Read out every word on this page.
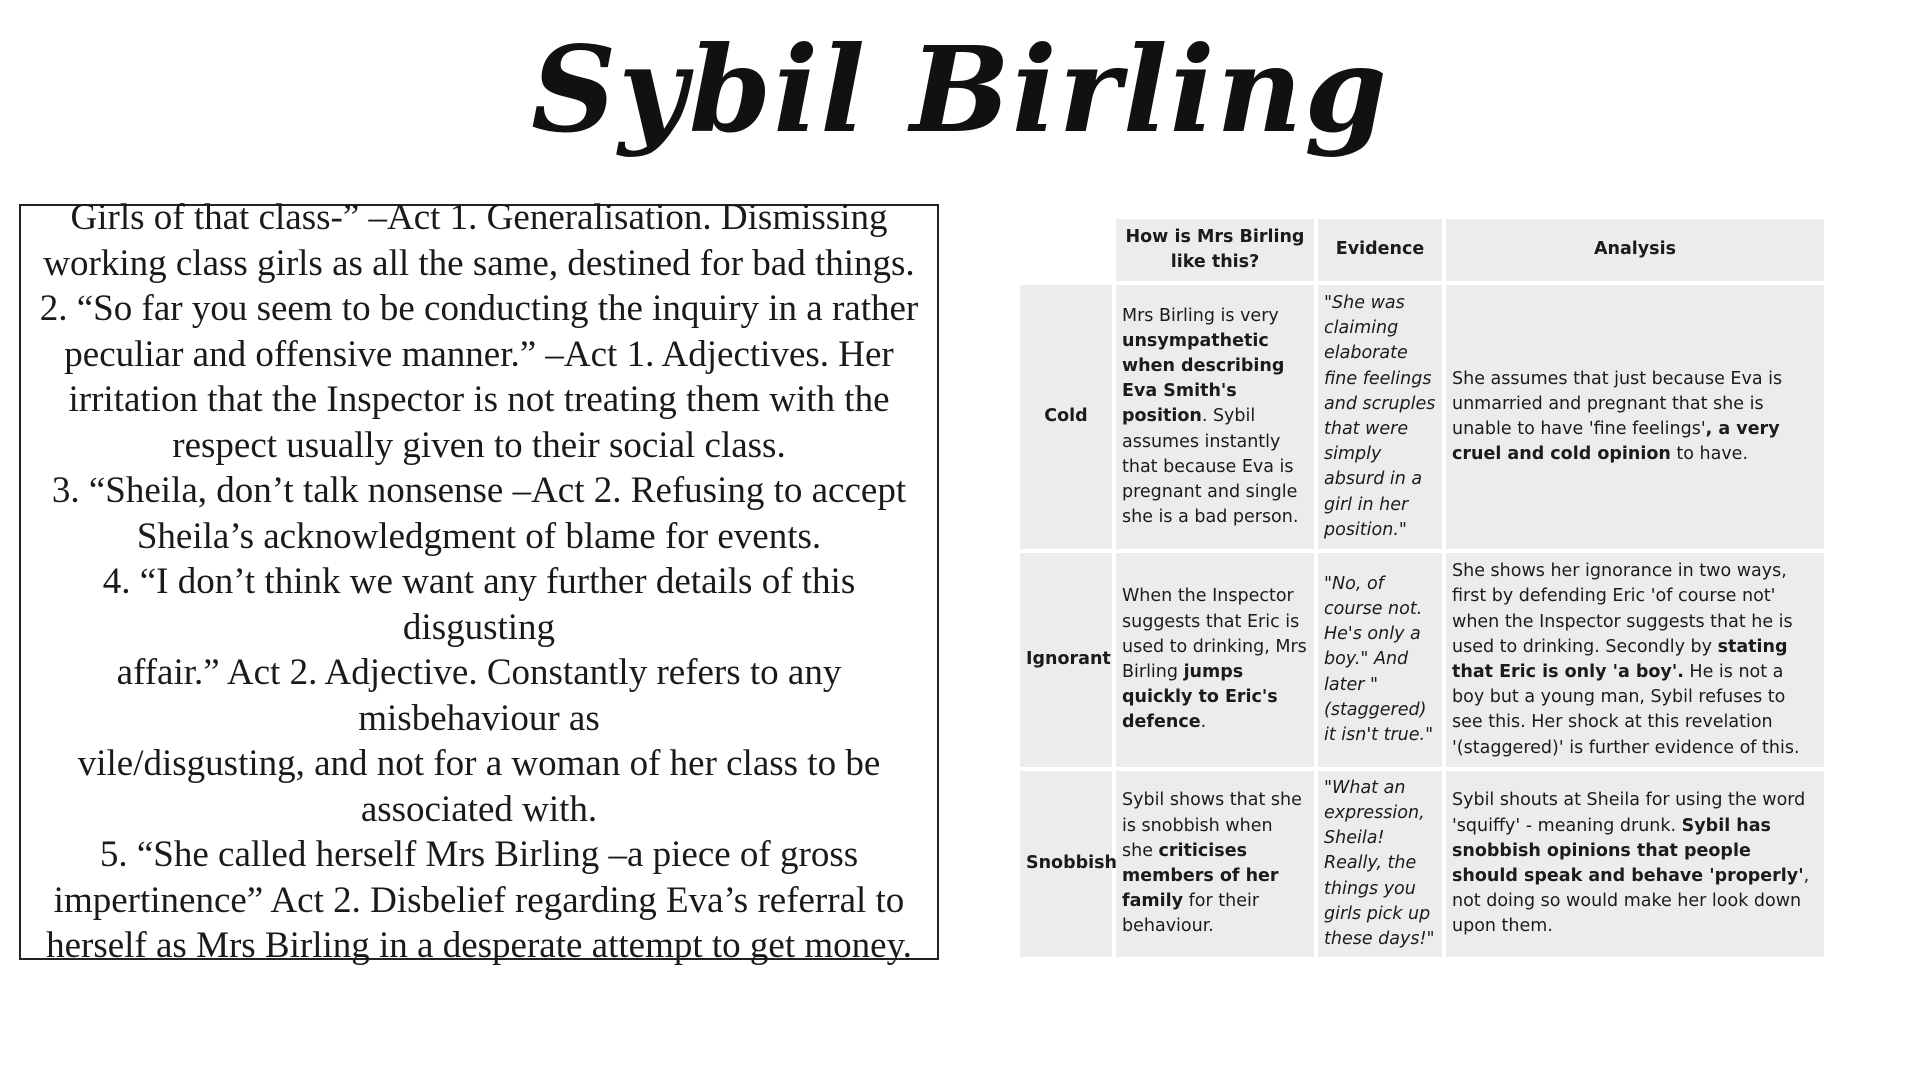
Sybil Birling
Girls of that class-” –Act 1. Generalisation. Dismissing
working class girls as all the same, destined for bad things.
2. “So far you seem to be conducting the inquiry in a rather
peculiar and offensive manner.” –Act 1. Adjectives. Her
irritation that the Inspector is not treating them with the
respect usually given to their social class.
3. “Sheila, don’t talk nonsense –Act 2. Refusing to accept
Sheila’s acknowledgment of blame for events.
4. “I don’t think we want any further details of this disgusting
affair.” Act 2. Adjective. Constantly refers to any
misbehaviour as
vile/disgusting, and not for a woman of her class to be
associated with.
5. “She called herself Mrs Birling –a piece of gross
impertinence” Act 2. Disbelief regarding Eva’s referral to
herself as Mrs Birling in a desperate attempt to get money.
	How is Mrs Birling like this?	Evidence	Analysis
Cold	Mrs Birling is very unsympathetic when describing Eva Smith's position. Sybil assumes instantly that because Eva is pregnant and single she is a bad person.	"She was claiming elaborate fine feelings and scruples that were simply absurd in a girl in her position."	She assumes that just because Eva is unmarried and pregnant that she is unable to have 'fine feelings', a very cruel and cold opinion to have.
Ignorant	When the Inspector suggests that Eric is used to drinking, Mrs Birling jumps quickly to Eric's defence.	"No, of course not. He's only a boy." And later "(staggered) it isn't true."	She shows her ignorance in two ways, first by defending Eric 'of course not' when the Inspector suggests that he is used to drinking. Secondly by stating that Eric is only 'a boy'. He is not a boy but a young man, Sybil refuses to see this. Her shock at this revelation '(staggered)' is further evidence of this.
Snobbish	Sybil shows that she is snobbish when she criticises members of her family for their behaviour.	"What an expression, Sheila! Really, the things you girls pick up these days!"	Sybil shouts at Sheila for using the word 'squiffy' - meaning drunk. Sybil has snobbish opinions that people should speak and behave 'properly', not doing so would make her look down upon them.
